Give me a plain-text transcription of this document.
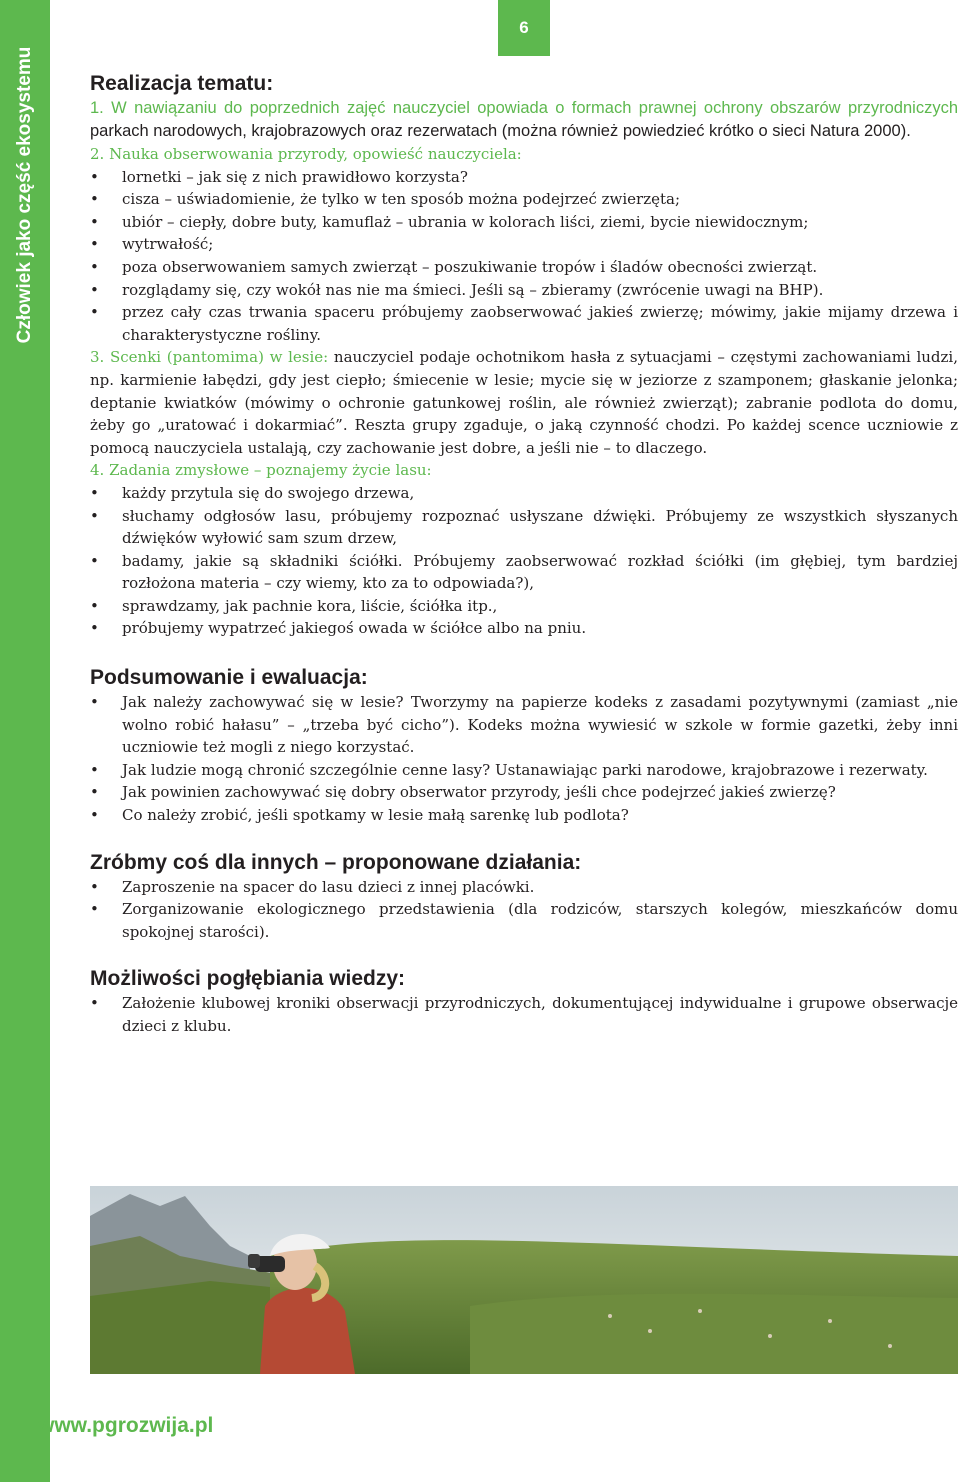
Człowiek jako część ekosystemu
6
Realizacja tematu:

1. W nawiązaniu do poprzednich zajęć nauczyciel opowiada o formach prawnej ochrony obszarów przyrodniczych parkach narodowych, krajobrazowych oraz rezerwatach (można również powiedzieć krótko o sieci Natura 2000).

2. Nauka obserwowania przyrody, opowieść nauczyciela:

• lornetki – jak się z nich prawidłowo korzysta?
• cisza – uświadomienie, że tylko w ten sposób można podejrzeć zwierzęta;
• ubiór – ciepły, dobre buty, kamuflaż – ubrania w kolorach liści, ziemi, bycie niewidocznym;
• wytrwałość;
• poza obserwowaniem samych zwierząt – poszukiwanie tropów i śladów obecności zwierząt.
• rozglądamy się, czy wokół nas nie ma śmieci. Jeśli są – zbieramy (zwrócenie uwagi na BHP).
• przez cały czas trwania spaceru próbujemy zaobserwować jakieś zwierzę; mówimy, jakie mijamy drzewa i charakterystyczne rośliny.

3. Scenki (pantomima) w lesie: nauczyciel podaje ochotnikom hasła z sytuacjami – częstymi zachowaniami ludzi, np. karmienie łabędzi, gdy jest ciepło; śmiecenie w lesie; mycie się w jeziorze z szamponem; głaskanie jelonka; deptanie kwiatków (mówimy o ochronie gatunkowej roślin, ale również zwierząt); zabranie podlota do domu, żeby go „uratować i dokarmiać”. Reszta grupy zgaduje, o jaką czynność chodzi. Po każdej scence uczniowie z pomocą nauczyciela ustalają, czy zachowanie jest dobre, a jeśli nie – to dlaczego.

4. Zadania zmysłowe – poznajemy życie lasu:

• każdy przytula się do swojego drzewa,
• słuchamy odgłosów lasu, próbujemy rozpoznać usłyszane dźwięki. Próbujemy ze wszystkich słyszanych dźwięków wyłowić sam szum drzew,
• badamy, jakie są składniki ściółki. Próbujemy zaobserwować rozkład ściółki (im głębiej, tym bardziej rozłożona materia – czy wiemy, kto za to odpowiada?),
• sprawdzamy, jak pachnie kora, liście, ściółka itp.,
• próbujemy wypatrzeć jakiegoś owada w ściółce albo na pniu.
Podsumowanie i ewaluacja:
• Jak należy zachowywać się w lesie? Tworzymy na papierze kodeks z zasadami pozytywnymi (zamiast „nie wolno robić hałasu” – „trzeba być cicho”). Kodeks można wywiesić w szkole w formie gazetki, żeby inni uczniowie też mogli z niego korzystać.
• Jak ludzie mogą chronić szczególnie cenne lasy? Ustanawiając parki narodowe, krajobrazowe i rezerwaty.
• Jak powinien zachowywać się dobry obserwator przyrody, jeśli chce podejrzeć jakieś zwierzę?
• Co należy zrobić, jeśli spotkamy w lesie małą sarenkę lub podlota?
Zróbmy coś dla innych – proponowane działania:
• Zaproszenie na spacer do lasu dzieci z innej placówki.
• Zorganizowanie ekologicznego przedstawienia (dla rodziców, starszych kolegów, mieszkańców domu spokojnej starości).
Możliwości pogłębiania wiedzy:
• Założenie klubowej kroniki obserwacji przyrodniczych, dokumentującej indywidualne i grupowe obserwacje dzieci z klubu.
www.pgrozwija.pl
